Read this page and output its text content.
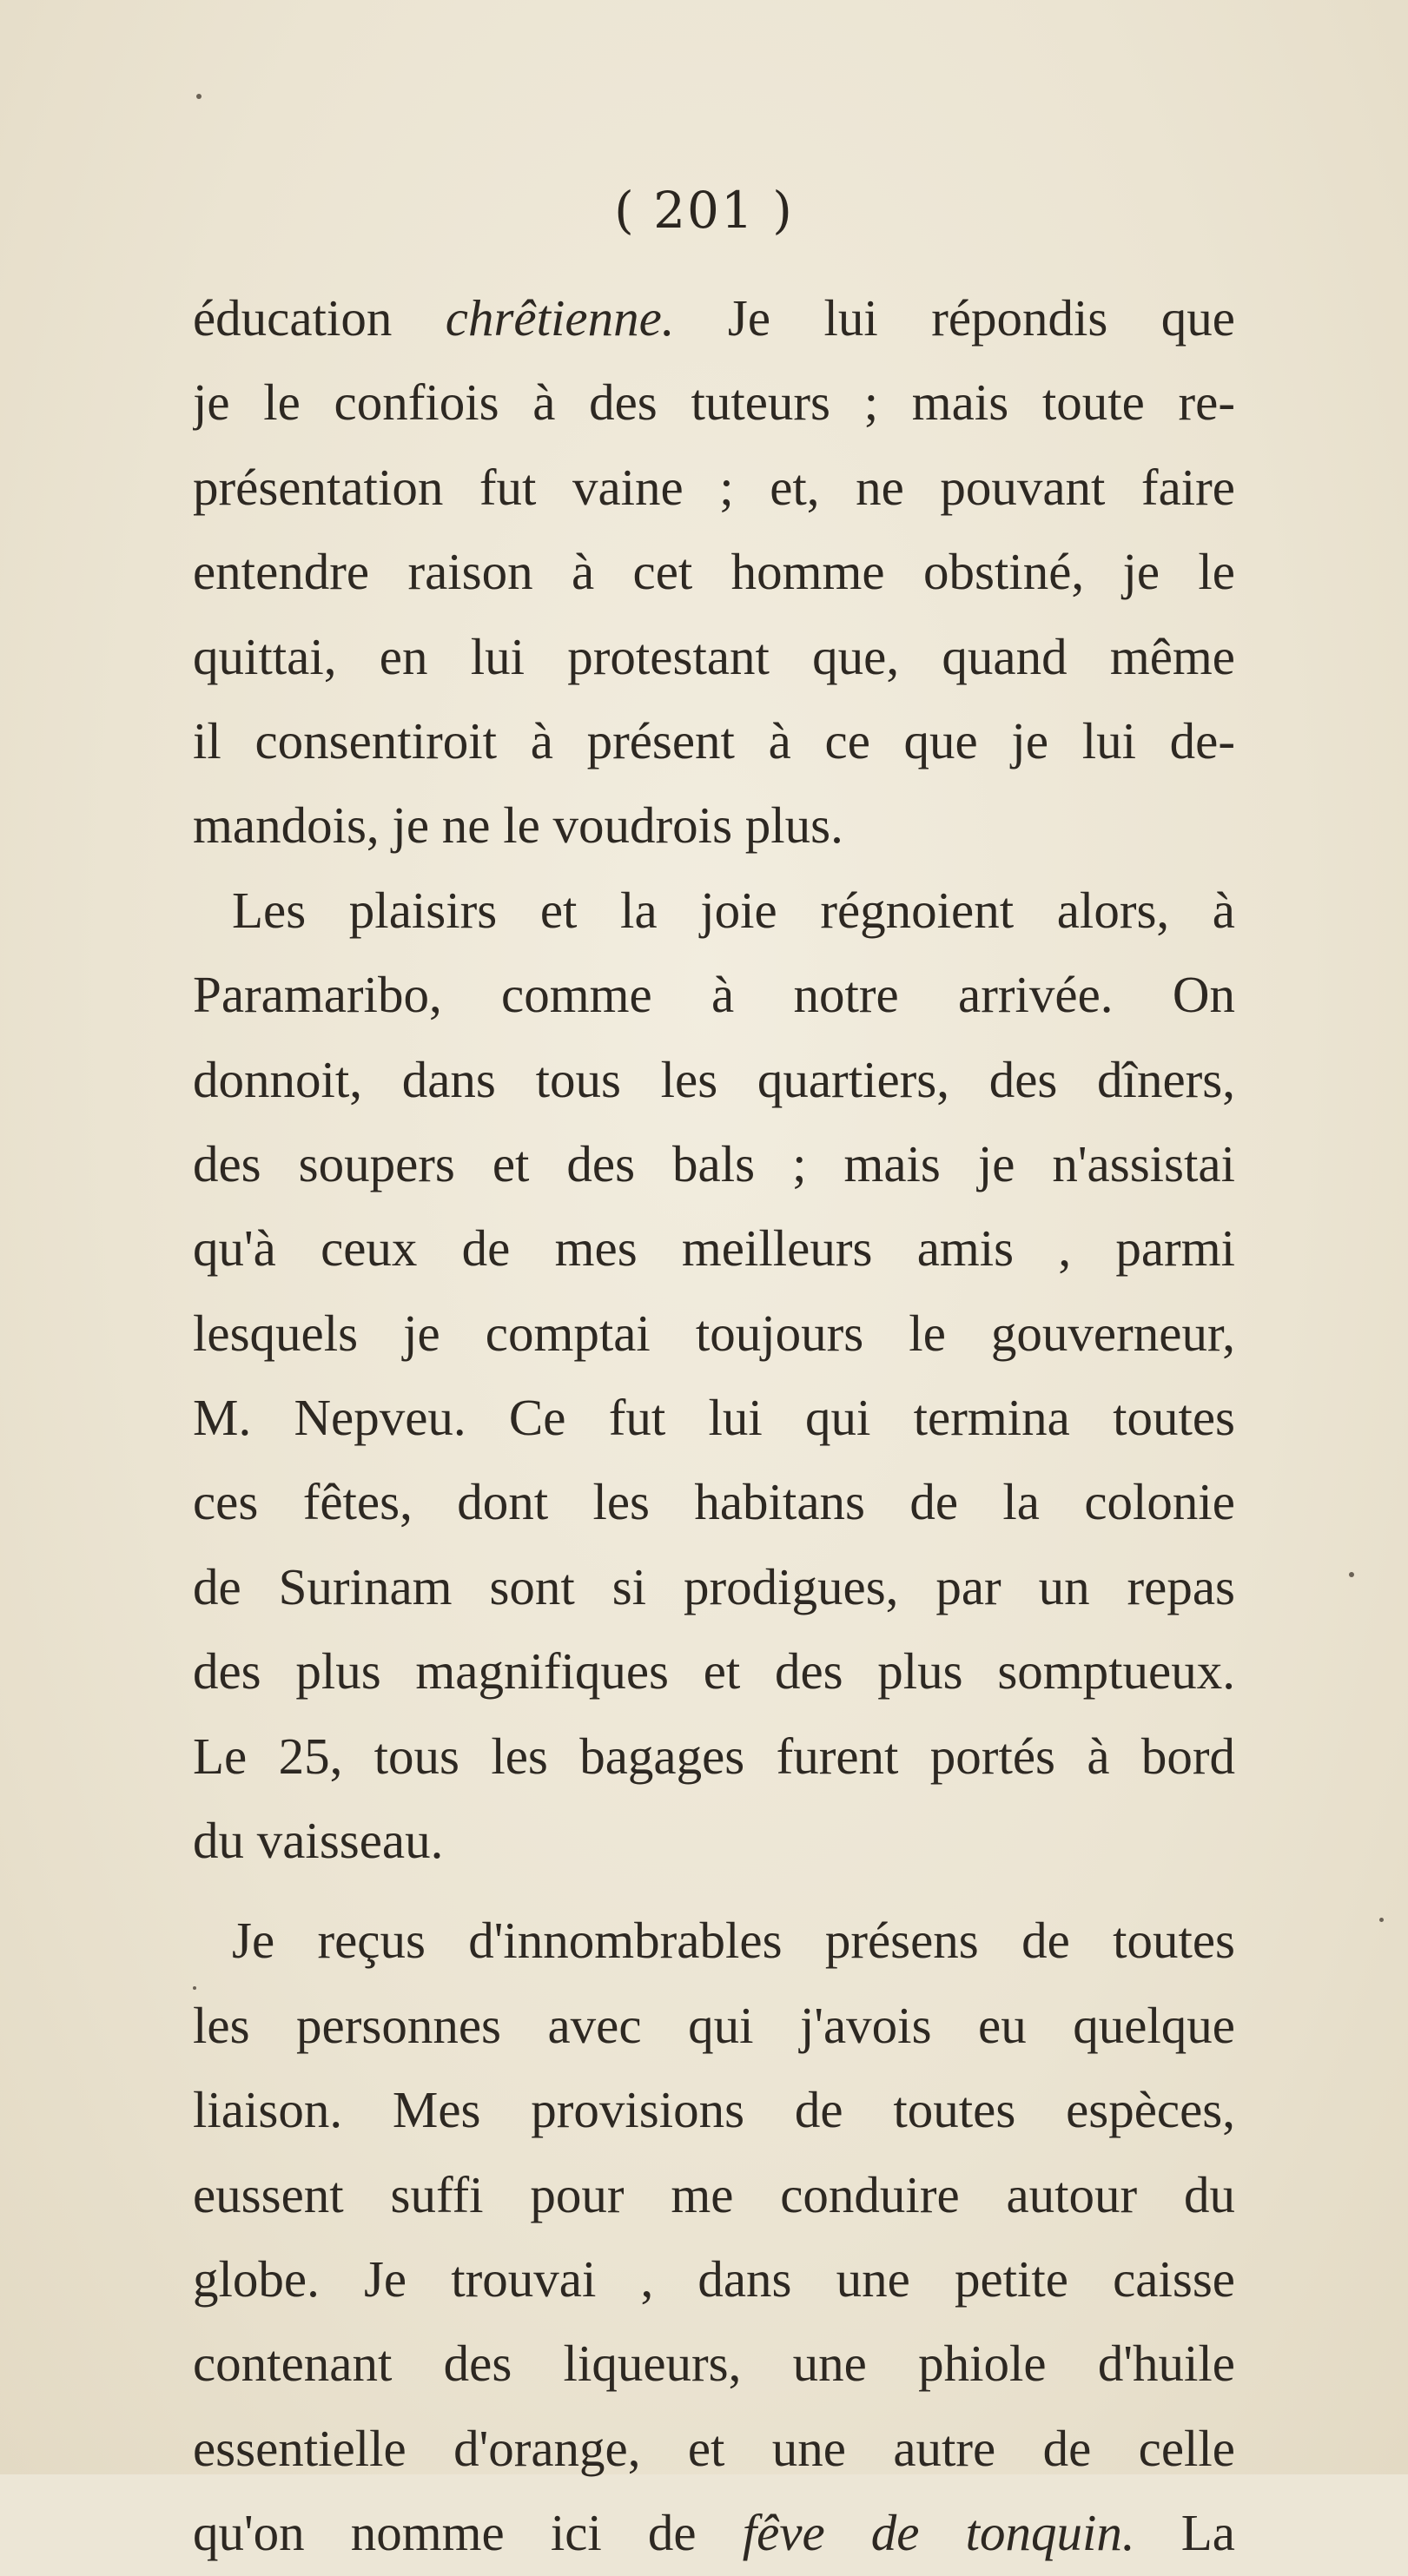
( 201 )
éducation chrêtienne. Je lui répondis que
je le confiois à des tuteurs ; mais toute re-
présentation fut vaine ; et, ne pouvant faire
entendre raison à cet homme obstiné, je le
quittai, en lui protestant que, quand même
il consentiroit à présent à ce que je lui de-
mandois, je ne le voudrois plus.
Les plaisirs et la joie régnoient alors, à
Paramaribo, comme à notre arrivée. On
donnoit, dans tous les quartiers, des dîners,
des soupers et des bals ; mais je n'assistai
qu'à ceux de mes meilleurs amis , parmi
lesquels je comptai toujours le gouverneur,
M. Nepveu. Ce fut lui qui termina toutes
ces fêtes, dont les habitans de la colonie
de Surinam sont si prodigues, par un repas
des plus magnifiques et des plus somptueux.
Le 25, tous les bagages furent portés à bord
du vaisseau.
Je reçus d'innombrables présens de toutes
les personnes avec qui j'avois eu quelque
liaison. Mes provisions de toutes espèces,
eussent suffi pour me conduire autour du
globe. Je trouvai , dans une petite caisse
contenant des liqueurs, une phiole d'huile
essentielle d'orange, et une autre de celle
qu'on nomme ici de fêve de tonquin. La
